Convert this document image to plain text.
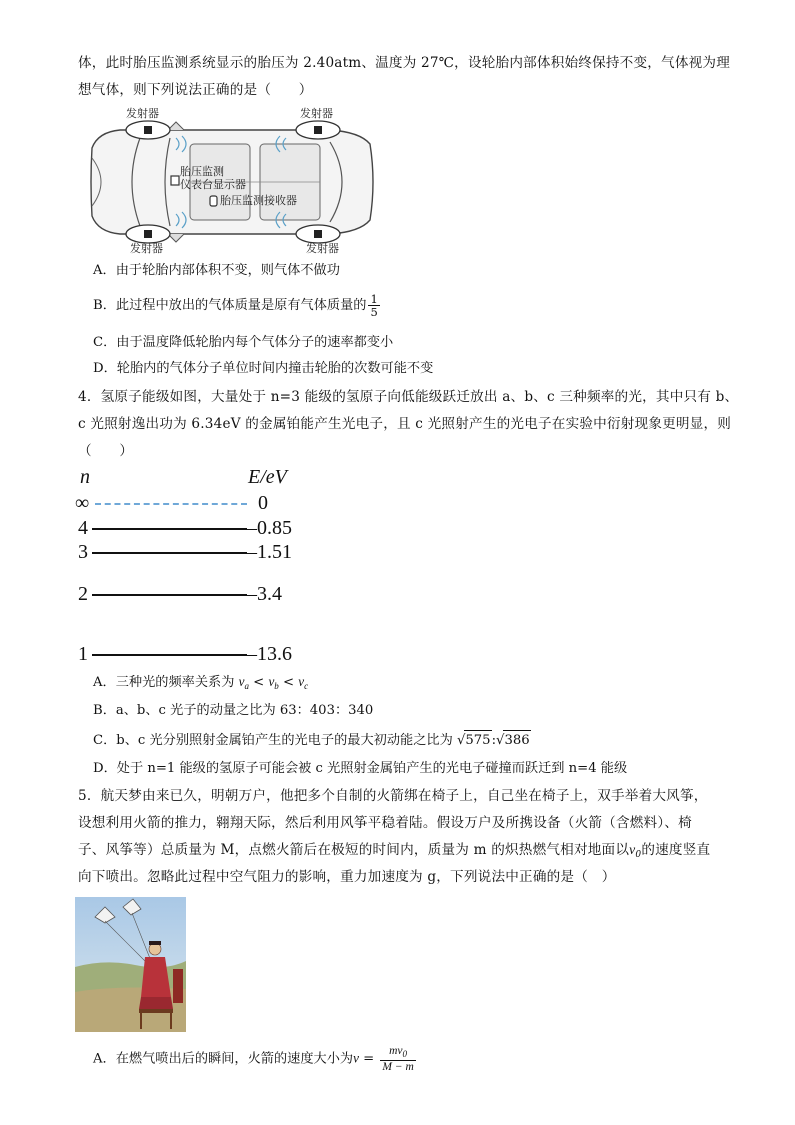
体，此时胎压监测系统显示的胎压为 2.40atm、温度为 27℃，设轮胎内部体积始终保持不变，气体视为理
想气体，则下列说法正确的是（　　）
发射器	发射器
发射器	发射器
胎压监测
仪表台显示器
胎压监测接收器
A．由于轮胎内部体积不变，则气体不做功
B．此过程中放出的气体质量是原有气体质量的 $\frac{1}{5}$
C．由于温度降低轮胎内每个气体分子的速率都变小
D．轮胎内的气体分子单位时间内撞击轮胎的次数可能不变
4．氢原子能级如图，大量处于 n=3 能级的氢原子向低能级跃迁放出 a、b、c 三种频率的光，其中只有 b、
c 光照射逸出功为 6.34eV 的金属铂能产生光电子，且 c 光照射产生的光电子在实验中衍射现象更明显，则
（　　）
n	E/eV
∞	0
4	–0.85
3	–1.51
2	–3.4
1	–13.6
A．三种光的频率关系为 $\nu_a < \nu_b < \nu_c$
B．a、b、c 光子的动量之比为 63：403：340
C．b、c 光分别照射金属铂产生的光电子的最大初动能之比为 √575:√386
D．处于 n=1 能级的氢原子可能会被 c 光照射金属铂产生的光电子碰撞而跃迁到 n=4 能级
5．航天梦由来已久，明朝万户，他把多个自制的火箭绑在椅子上，自己坐在椅子上，双手举着大风筝，
设想利用火箭的推力，翱翔天际，然后利用风筝平稳着陆。假设万户及所携设备（火箭（含燃料）、椅
子、风筝等）总质量为 M，点燃火箭后在极短的时间内，质量为 m 的炽热燃气相对地面以$v_0$的速度竖直
向下喷出。忽略此过程中空气阻力的影响，重力加速度为 g，下列说法中正确的是（　）
A．在燃气喷出后的瞬间，火箭的速度大小为$v = \frac{mv_0}{M - m}$
